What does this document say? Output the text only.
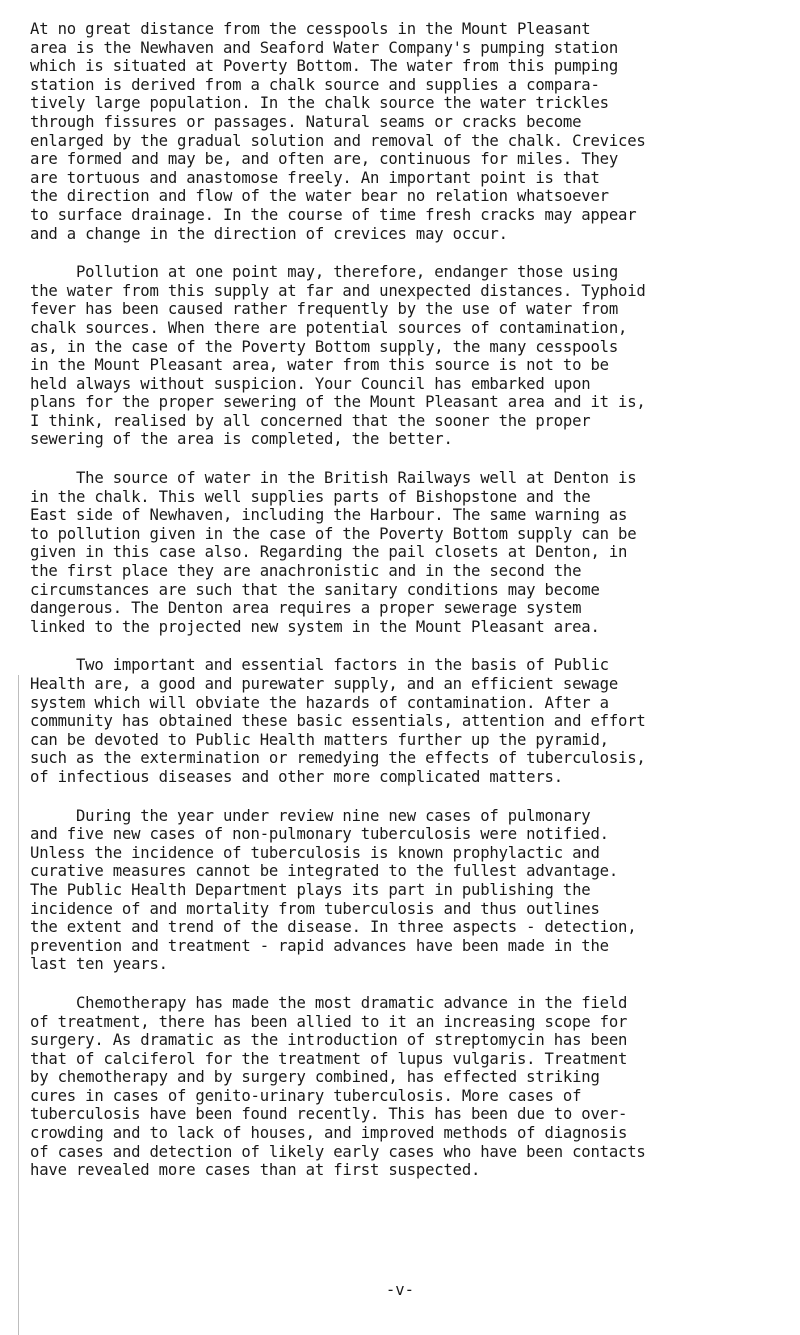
At no great distance from the cesspools in the Mount Pleasant
area is the Newhaven and Seaford Water Company's pumping station
which is situated at Poverty Bottom. The water from this pumping
station is derived from a chalk source and supplies a compara-
tively large population. In the chalk source the water trickles
through fissures or passages. Natural seams or cracks become
enlarged by the gradual solution and removal of the chalk. Crevices
are formed and may be, and often are, continuous for miles. They
are tortuous and anastomose freely. An important point is that
the direction and flow of the water bear no relation whatsoever
to surface drainage. In the course of time fresh cracks may appear
and a change in the direction of crevices may occur.
Pollution at one point may, therefore, endanger those using
the water from this supply at far and unexpected distances. Typhoid
fever has been caused rather frequently by the use of water from
chalk sources. When there are potential sources of contamination,
as, in the case of the Poverty Bottom supply, the many cesspools
in the Mount Pleasant area, water from this source is not to be
held always without suspicion. Your Council has embarked upon
plans for the proper sewering of the Mount Pleasant area and it is,
I think, realised by all concerned that the sooner the proper
sewering of the area is completed, the better.
The source of water in the British Railways well at Denton is
in the chalk. This well supplies parts of Bishopstone and the
East side of Newhaven, including the Harbour. The same warning as
to pollution given in the case of the Poverty Bottom supply can be
given in this case also. Regarding the pail closets at Denton, in
the first place they are anachronistic and in the second the
circumstances are such that the sanitary conditions may become
dangerous. The Denton area requires a proper sewerage system
linked to the projected new system in the Mount Pleasant area.
Two important and essential factors in the basis of Public
Health are, a good and purewater supply, and an efficient sewage
system which will obviate the hazards of contamination. After a
community has obtained these basic essentials, attention and effort
can be devoted to Public Health matters further up the pyramid,
such as the extermination or remedying the effects of tuberculosis,
of infectious diseases and other more complicated matters.
During the year under review nine new cases of pulmonary
and five new cases of non-pulmonary tuberculosis were notified.
Unless the incidence of tuberculosis is known prophylactic and
curative measures cannot be integrated to the fullest advantage.
The Public Health Department plays its part in publishing the
incidence of and mortality from tuberculosis and thus outlines
the extent and trend of the disease. In three aspects - detection,
prevention and treatment - rapid advances have been made in the
last ten years.
Chemotherapy has made the most dramatic advance in the field
of treatment, there has been allied to it an increasing scope for
surgery. As dramatic as the introduction of streptomycin has been
that of calciferol for the treatment of lupus vulgaris. Treatment
by chemotherapy and by surgery combined, has effected striking
cures in cases of genito-urinary tuberculosis. More cases of
tuberculosis have been found recently. This has been due to over-
crowding and to lack of houses, and improved methods of diagnosis
of cases and detection of likely early cases who have been contacts
have revealed more cases than at first suspected.
-v-
